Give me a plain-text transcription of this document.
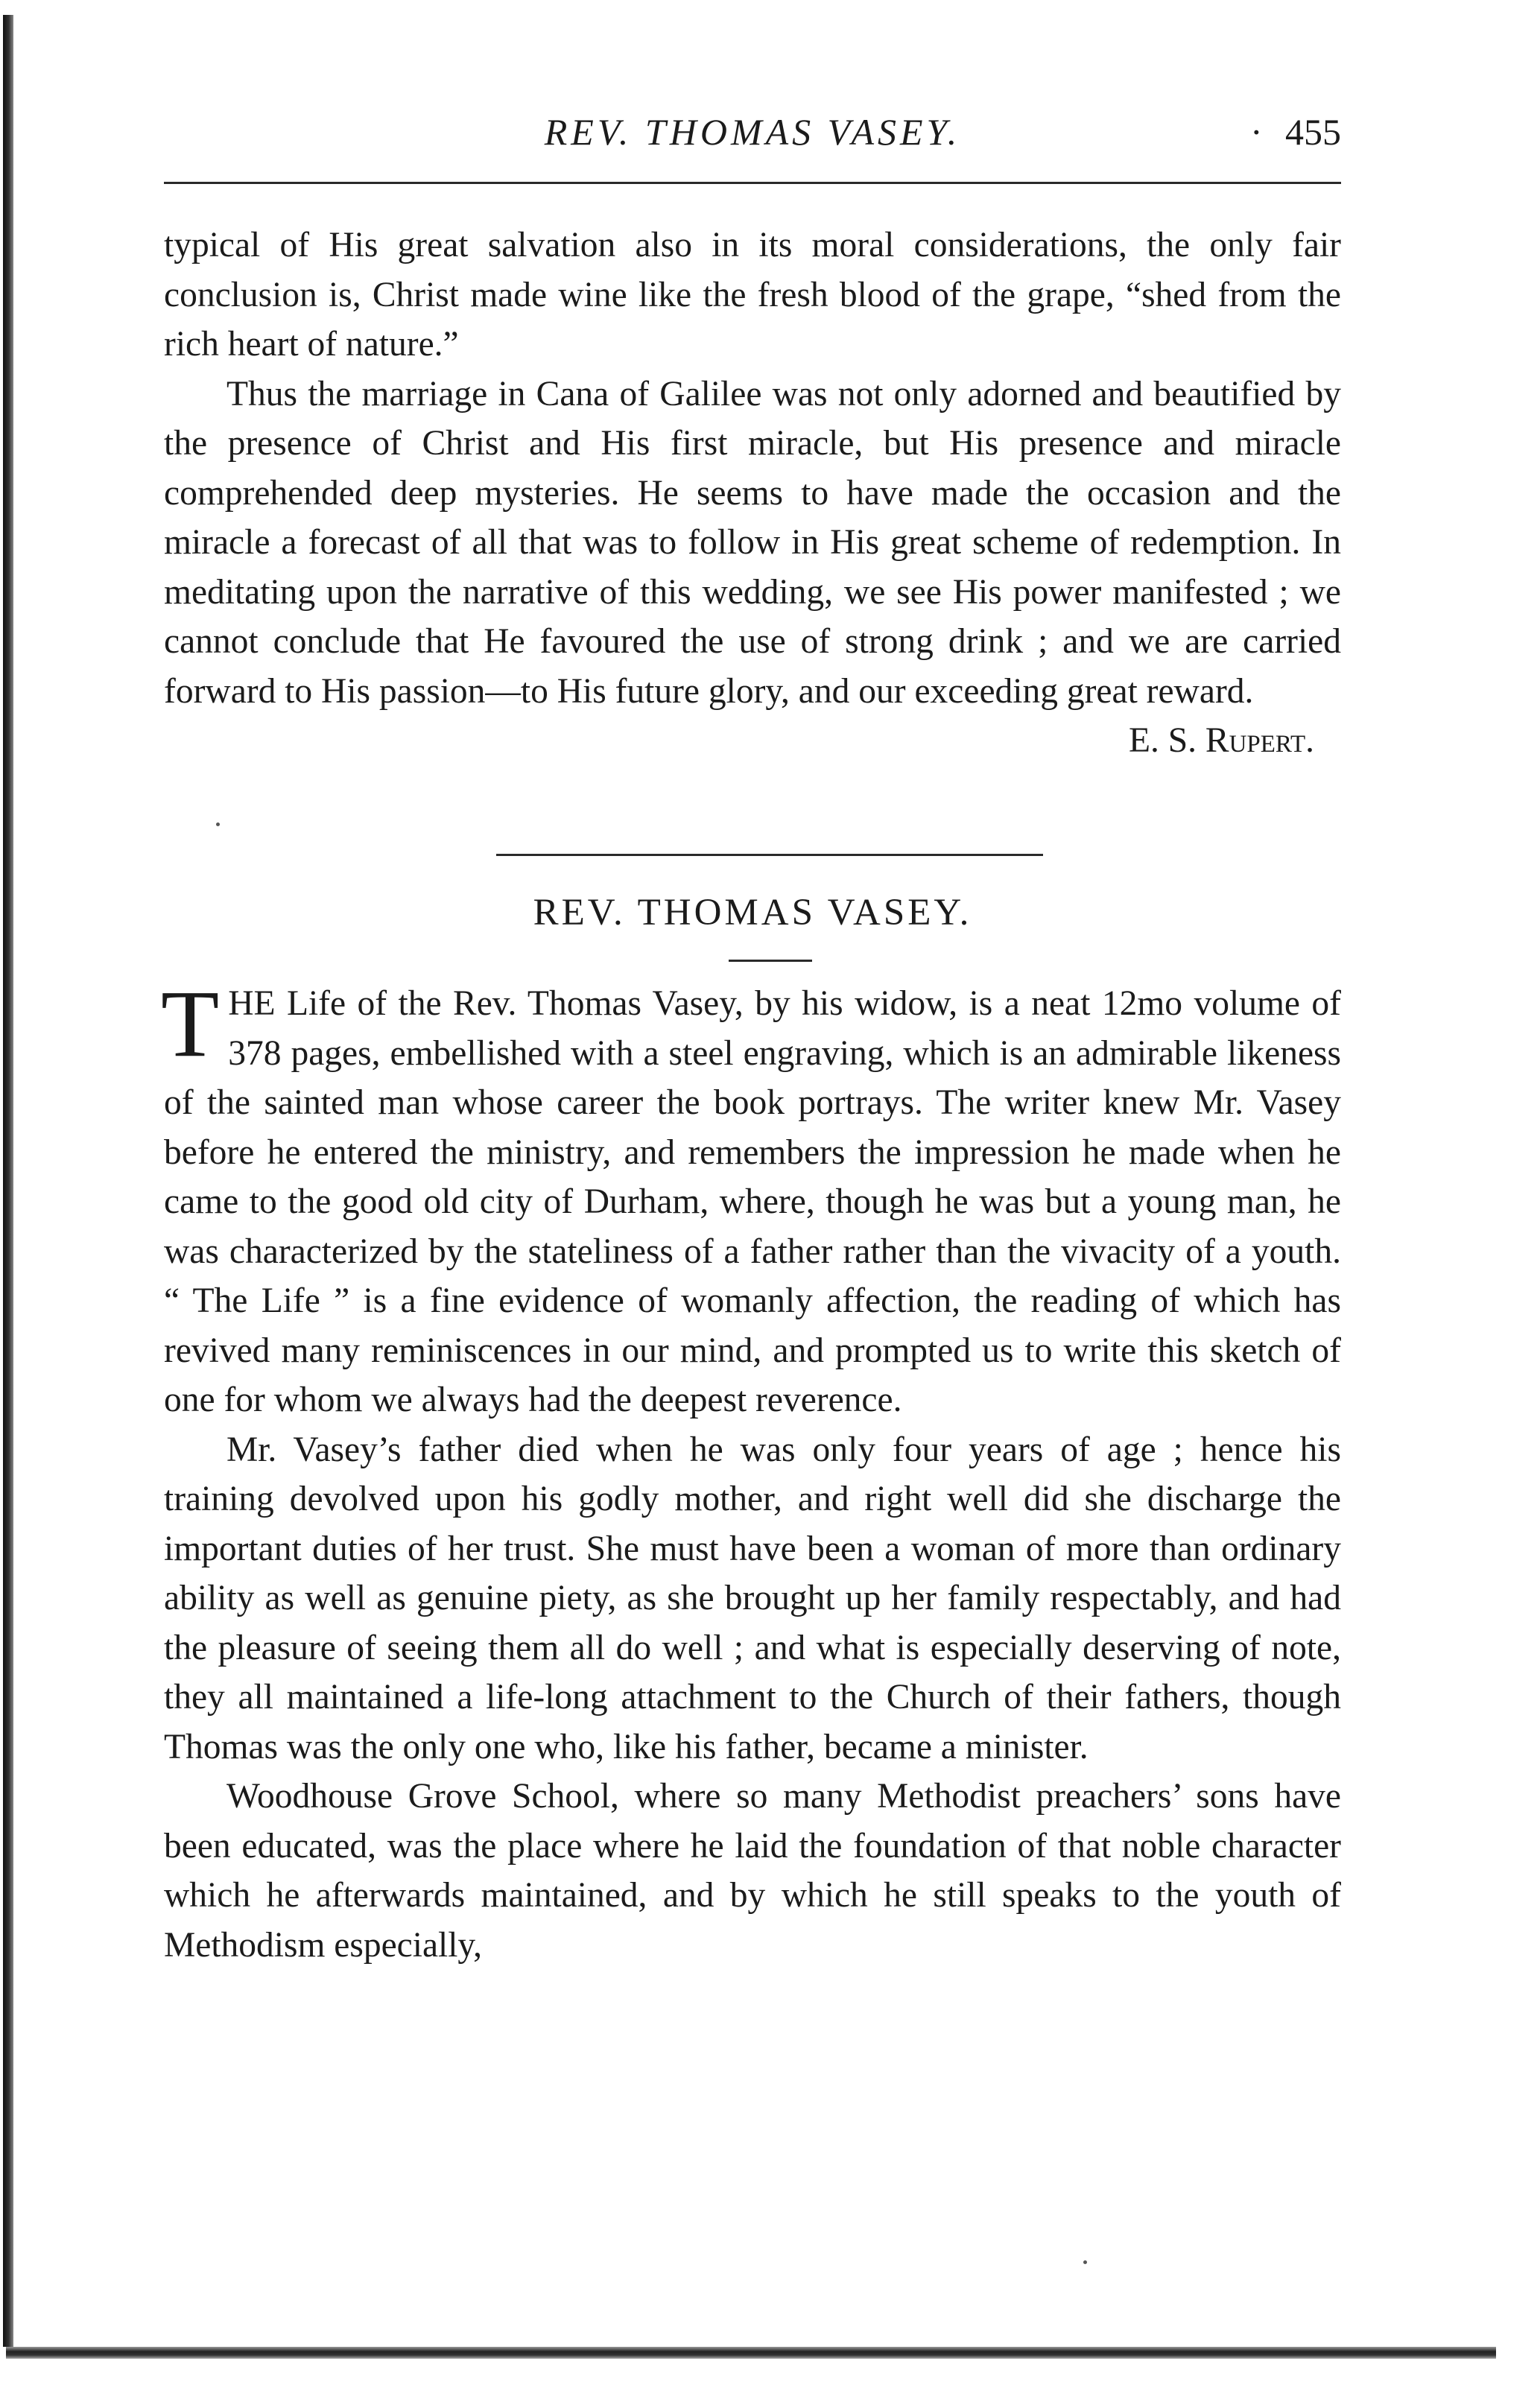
REV. THOMAS VASEY.	· 455

typical of His great salvation also in its moral considerations, the only fair conclusion is, Christ made wine like the fresh blood of the grape, “shed from the rich heart of nature.”

Thus the marriage in Cana of Galilee was not only adorned and beautified by the presence of Christ and His first miracle, but His presence and miracle comprehended deep mysteries. He seems to have made the occasion and the miracle a forecast of all that was to follow in His great scheme of redemption. In meditating upon the narrative of this wedding, we see His power manifested ; we cannot conclude that He favoured the use of strong drink ; and we are carried forward to His passion—to His future glory, and our exceeding great reward.

E. S. Rupert.

REV. THOMAS VASEY.

THE Life of the Rev. Thomas Vasey, by his widow, is a neat 12mo volume of 378 pages, embellished with a steel engraving, which is an admirable likeness of the sainted man whose career the book portrays. The writer knew Mr. Vasey before he entered the ministry, and remembers the impression he made when he came to the good old city of Durham, where, though he was but a young man, he was characterized by the stateliness of a father rather than the vivacity of a youth. “ The Life ” is a fine evidence of womanly affection, the reading of which has revived many reminiscences in our mind, and prompted us to write this sketch of one for whom we always had the deepest reverence.

Mr. Vasey’s father died when he was only four years of age ; hence his training devolved upon his godly mother, and right well did she discharge the important duties of her trust. She must have been a woman of more than ordinary ability as well as genuine piety, as she brought up her family respectably, and had the pleasure of seeing them all do well ; and what is especially deserving of note, they all maintained a life-long attachment to the Church of their fathers, though Thomas was the only one who, like his father, became a minister.

Woodhouse Grove School, where so many Methodist preachers’ sons have been educated, was the place where he laid the foundation of that noble character which he afterwards maintained, and by which he still speaks to the youth of Methodism especially,
